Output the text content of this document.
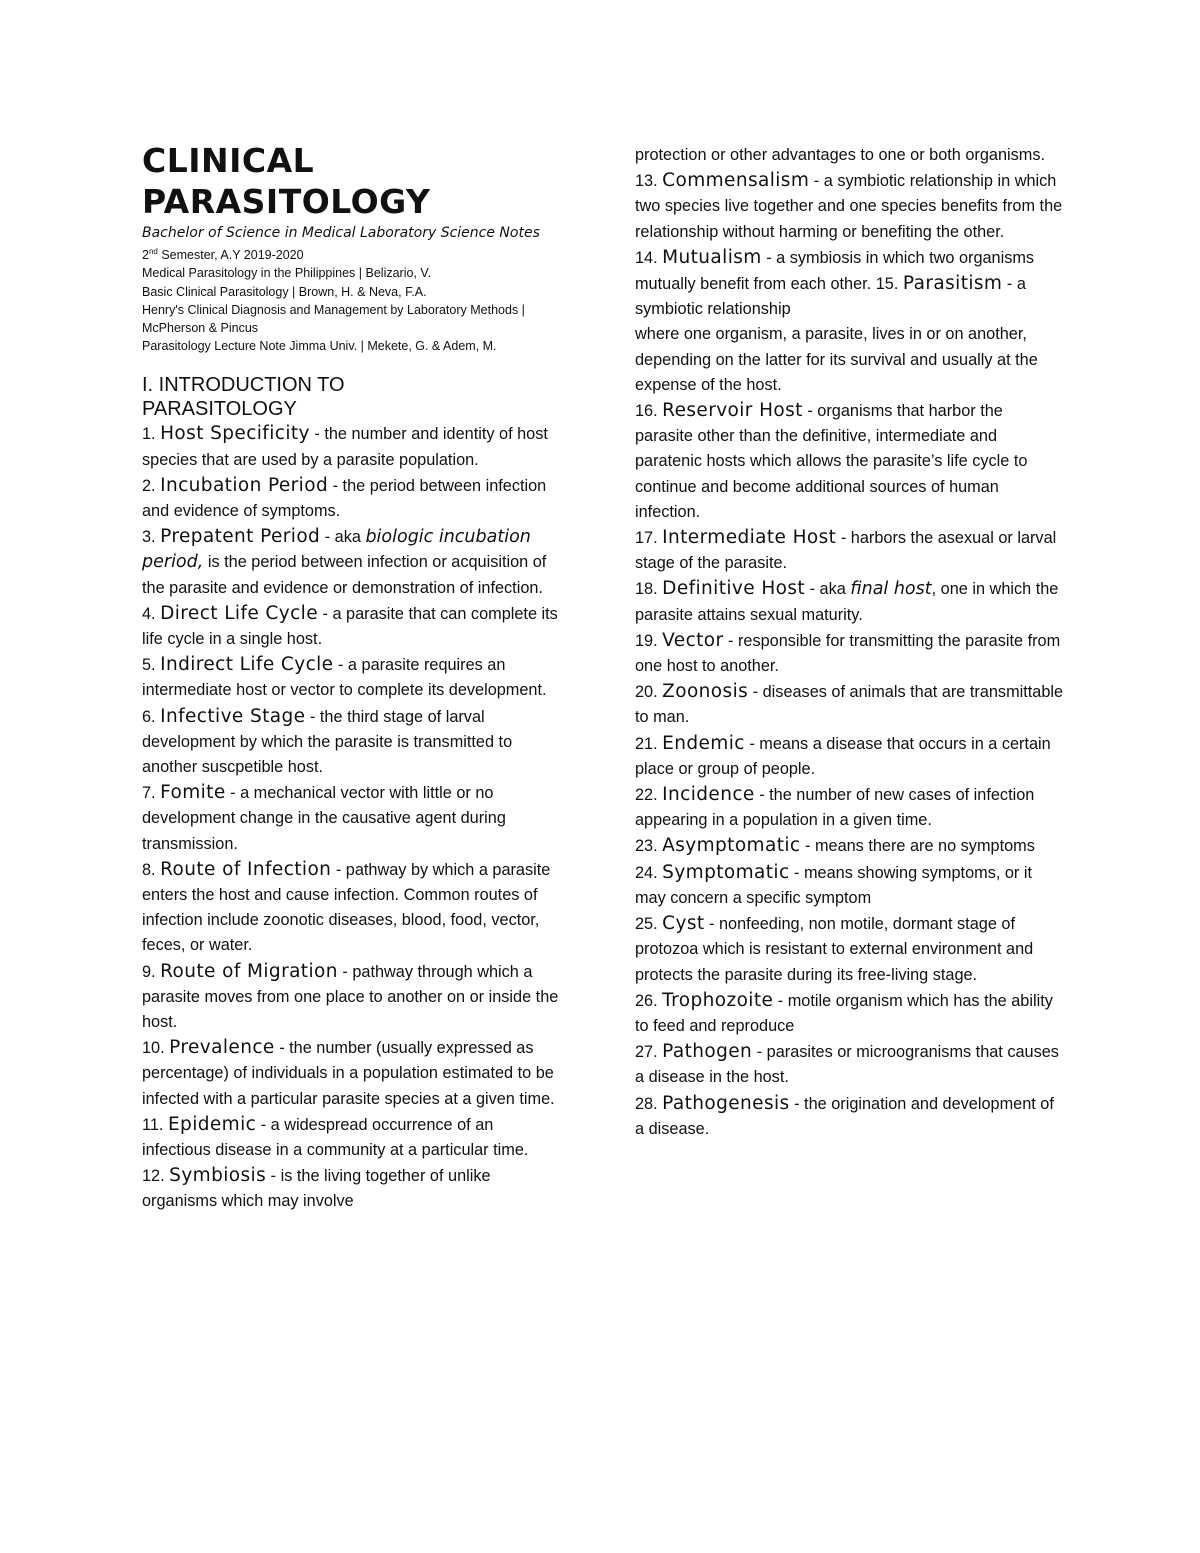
CLINICAL
PARASITOLOGY
Bachelor of Science in Medical Laboratory Science Notes
2nd Semester, A.Y 2019-2020
Medical Parasitology in the Philippines | Belizario, V.
Basic Clinical Parasitology | Brown, H. & Neva, F.A.
Henry's Clinical Diagnosis and Management by Laboratory Methods | McPherson & Pincus
Parasitology Lecture Note Jimma Univ. | Mekete, G. & Adem, M.
I. INTRODUCTION TO
PARASITOLOGY
1. Host Specificity - the number and identity of host species that are used by a parasite population.
2. Incubation Period - the period between infection and evidence of symptoms.
3. Prepatent Period - aka biologic incubation period, is the period between infection or acquisition of the parasite and evidence or demonstration of infection.
4. Direct Life Cycle - a parasite that can complete its life cycle in a single host.
5. Indirect Life Cycle - a parasite requires an intermediate host or vector to complete its development.
6. Infective Stage - the third stage of larval development by which the parasite is transmitted to another suscpetible host.
7. Fomite - a mechanical vector with little or no development change in the causative agent during transmission.
8. Route of Infection - pathway by which a parasite enters the host and cause infection. Common routes of infection include zoonotic diseases, blood, food, vector, feces, or water.
9. Route of Migration - pathway through which a parasite moves from one place to another on or inside the host.
10. Prevalence - the number (usually expressed as percentage) of individuals in a population estimated to be infected with a particular parasite species at a given time.
11. Epidemic - a widespread occurrence of an infectious disease in a community at a particular time.
12. Symbiosis - is the living together of unlike organisms which may involve
protection or other advantages to one or both organisms.
13. Commensalism - a symbiotic relationship in which two species live together and one species benefits from the relationship without harming or benefiting the other.
14. Mutualism - a symbiosis in which two organisms mutually benefit from each other. 15. Parasitism - a symbiotic relationship
where one organism, a parasite, lives in or on another, depending on the latter for its survival and usually at the expense of the host.
16. Reservoir Host - organisms that harbor the parasite other than the definitive, intermediate and paratenic hosts which allows the parasite’s life cycle to continue and become additional sources of human infection.
17. Intermediate Host - harbors the asexual or larval stage of the parasite.
18. Definitive Host - aka final host, one in which the parasite attains sexual maturity.
19. Vector - responsible for transmitting the parasite from one host to another.
20. Zoonosis - diseases of animals that are transmittable to man.
21. Endemic - means a disease that occurs in a certain place or group of people.
22. Incidence - the number of new cases of infection appearing in a population in a given time.
23. Asymptomatic - means there are no symptoms
24. Symptomatic - means showing symptoms, or it may concern a specific symptom
25. Cyst - nonfeeding, non motile, dormant stage of protozoa which is resistant to external environment and protects the parasite during its free-living stage.
26. Trophozoite - motile organism which has the ability to feed and reproduce
27. Pathogen - parasites or microogranisms that causes a disease in the host.
28. Pathogenesis - the origination and development of a disease.
